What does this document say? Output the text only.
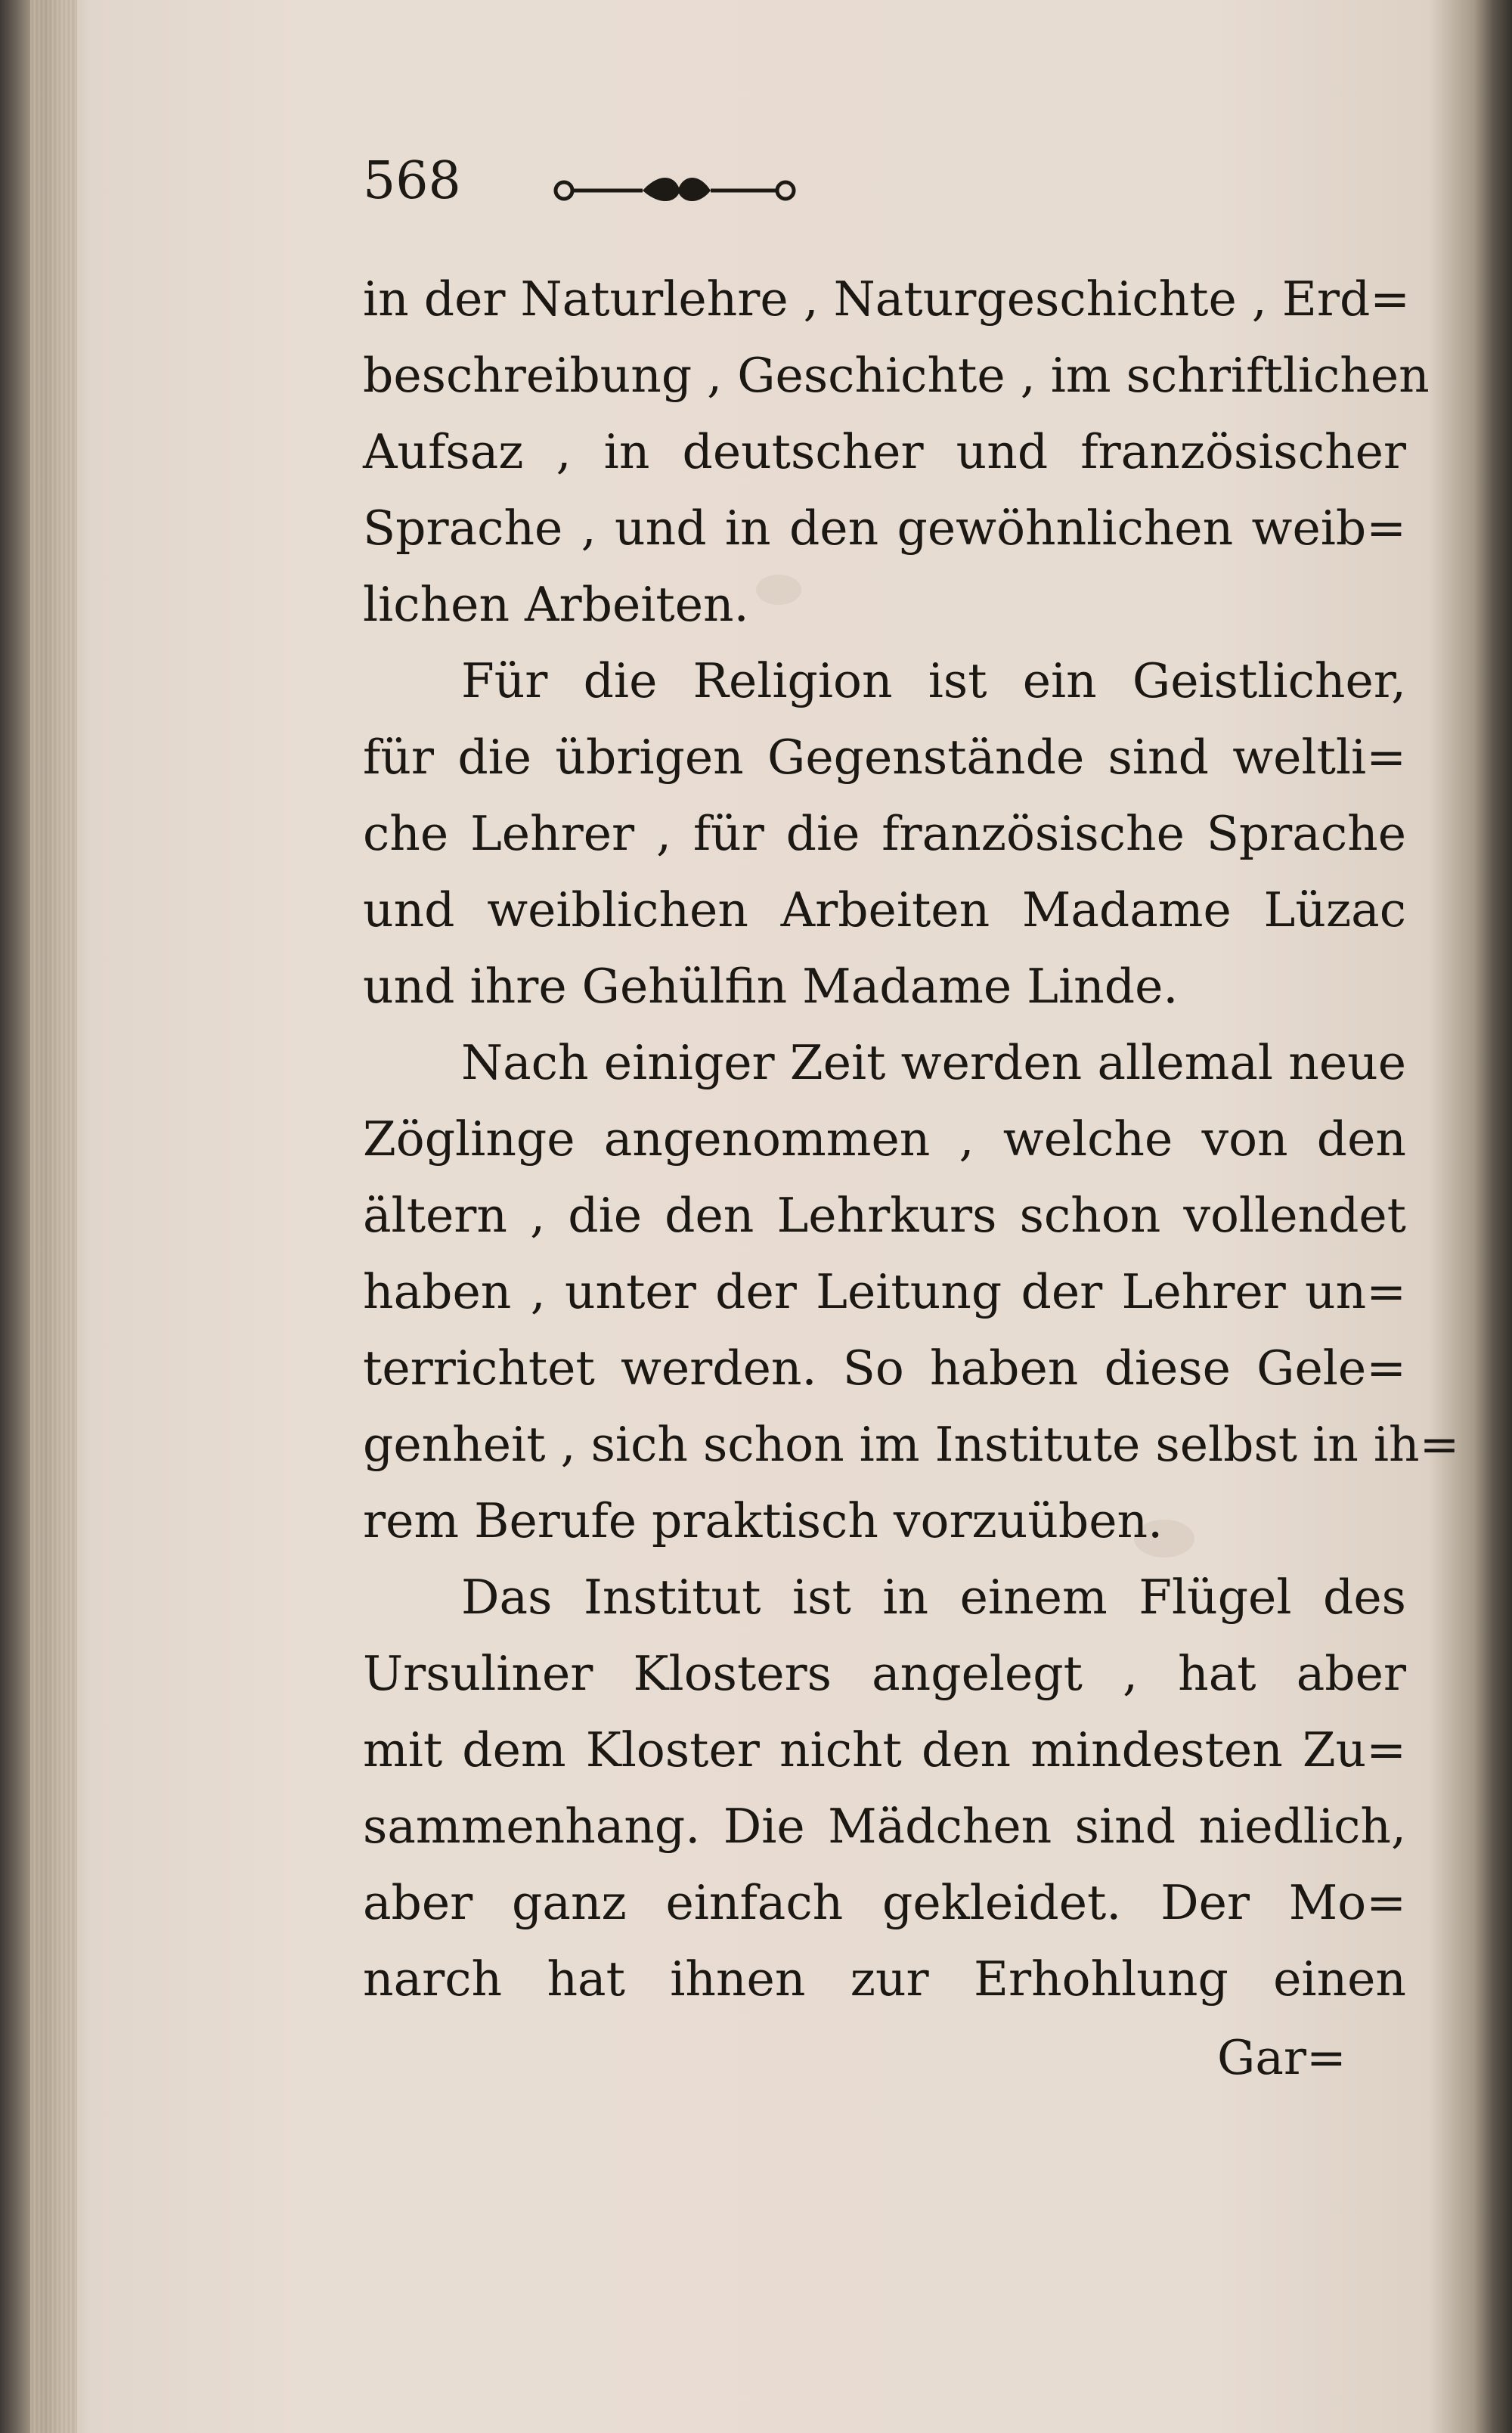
568
in der Naturlehre , Naturgeschichte , Erd=
beschreibung , Geschichte , im schriftlichen
Aufsaz , in deutscher und französischer
Sprache , und in den gewöhnlichen weib=
lichen Arbeiten.
Für die Religion ist ein Geistlicher,
für die übrigen Gegenstände sind weltli=
che Lehrer , für die französische Sprache
und weiblichen Arbeiten Madame Lüzac
und ihre Gehülfin Madame Linde.
Nach einiger Zeit werden allemal neue
Zöglinge angenommen , welche von den
ältern , die den Lehrkurs schon vollendet
haben , unter der Leitung der Lehrer un=
terrichtet werden. So haben diese Gele=
genheit , sich schon im Institute selbst in ih=
rem Berufe praktisch vorzuüben.
Das Institut ist in einem Flügel des
Ursuliner Klosters angelegt , hat aber
mit dem Kloster nicht den mindesten Zu=
sammenhang. Die Mädchen sind niedlich,
aber ganz einfach gekleidet. Der Mo=
narch hat ihnen zur Erhohlung einen
Gar=
